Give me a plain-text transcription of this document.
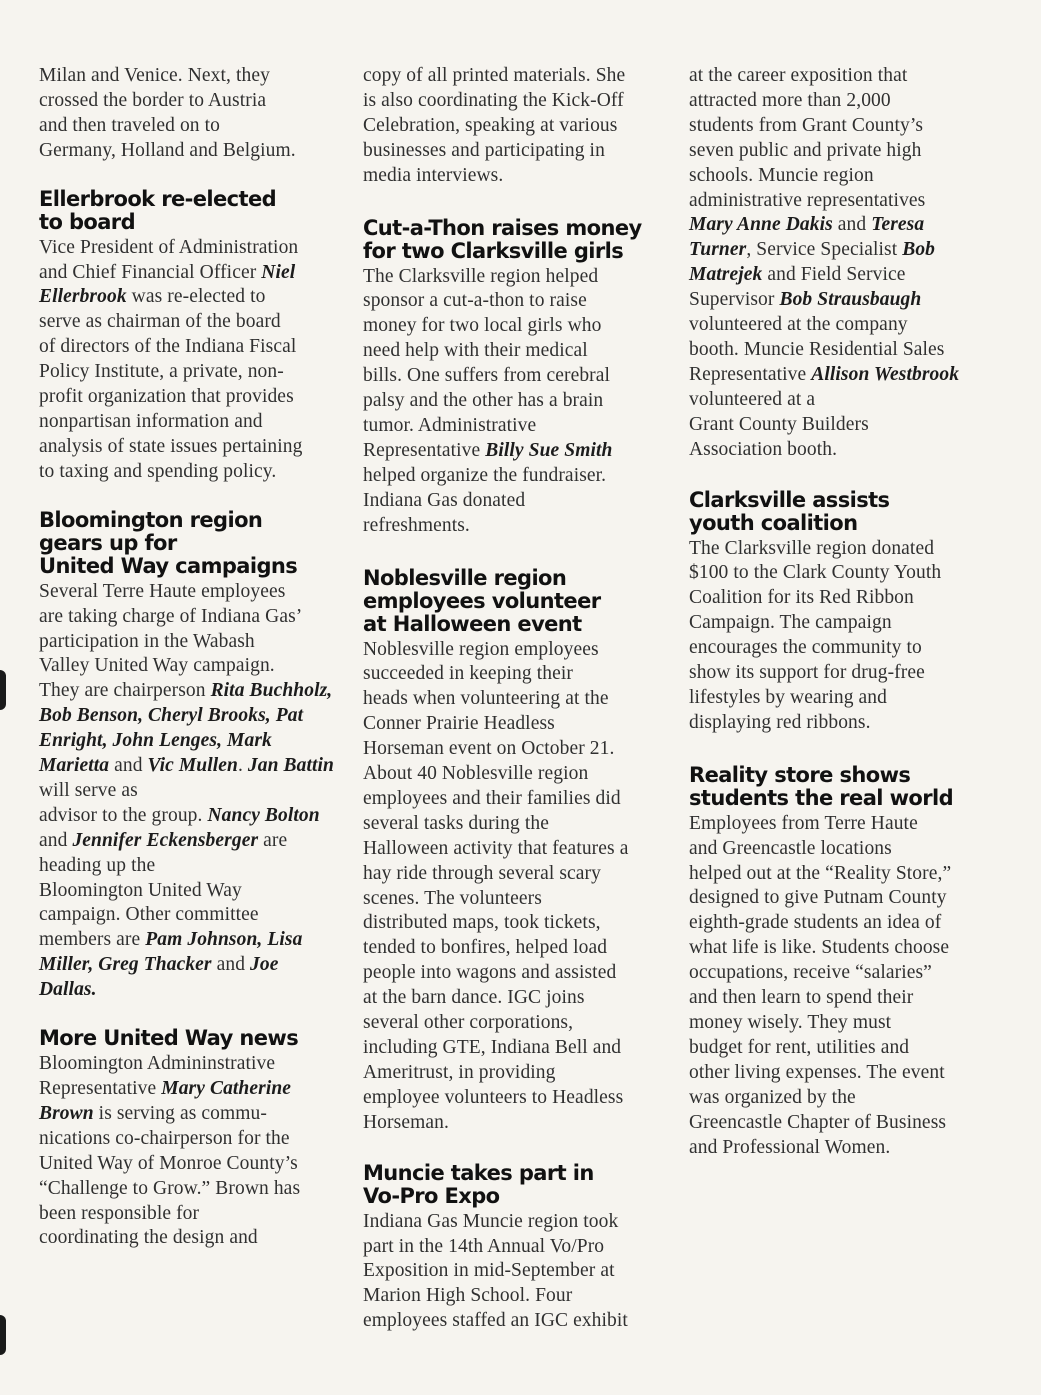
Milan and Venice. Next, they
crossed the border to Austria
and then traveled on to
Germany, Holland and Belgium.

Ellerbrook re-elected
to board

Vice President of Administration
and Chief Financial Officer Niel Ellerbrook was re-elected to
serve as chairman of the board
of directors of the Indiana Fiscal
Policy Institute, a private, non-
profit organization that provides
nonpartisan information and
analysis of state issues pertaining
to taxing and spending policy.

Bloomington region
gears up for
United Way campaigns

Several Terre Haute employees
are taking charge of Indiana Gas’
participation in the Wabash
Valley United Way campaign.
They are chairperson Rita Buchholz, Bob Benson, Cheryl Brooks, Pat Enright, John Lenges, Mark Marietta and Vic Mullen. Jan Battin will serve as
advisor to the group. Nancy Bolton and Jennifer Eckensberger are heading up the
Bloomington United Way
campaign. Other committee
members are Pam Johnson, Lisa Miller, Greg Thacker and Joe Dallas.

More United Way news

Bloomington Admininstrative
Representative Mary Catherine Brown is serving as commu-
nications co-chairperson for the
United Way of Monroe County’s
“Challenge to Grow.” Brown has
been responsible for
coordinating the design and

copy of all printed materials. She
is also coordinating the Kick-Off
Celebration, speaking at various
businesses and participating in
media interviews.

Cut-a-Thon raises money
for two Clarksville girls

The Clarksville region helped
sponsor a cut-a-thon to raise
money for two local girls who
need help with their medical
bills. One suffers from cerebral
palsy and the other has a brain
tumor. Administrative
Representative Billy Sue Smith
helped organize the fundraiser.
Indiana Gas donated
refreshments.

Noblesville region
employees volunteer
at Halloween event

Noblesville region employees
succeeded in keeping their
heads when volunteering at the
Conner Prairie Headless
Horseman event on October 21.
About 40 Noblesville region
employees and their families did
several tasks during the
Halloween activity that features a
hay ride through several scary
scenes. The volunteers
distributed maps, took tickets,
tended to bonfires, helped load
people into wagons and assisted
at the barn dance. IGC joins
several other corporations,
including GTE, Indiana Bell and
Ameritrust, in providing
employee volunteers to Headless
Horseman.

Muncie takes part in
Vo-Pro Expo

Indiana Gas Muncie region took
part in the 14th Annual Vo/Pro
Exposition in mid-September at
Marion High School. Four
employees staffed an IGC exhibit

at the career exposition that
attracted more than 2,000
students from Grant County’s
seven public and private high
schools. Muncie region
administrative representatives
Mary Anne Dakis and Teresa Turner, Service Specialist Bob Matrejek and Field Service
Supervisor Bob Strausbaugh
volunteered at the company
booth. Muncie Residential Sales
Representative Allison Westbrook volunteered at a
Grant County Builders
Association booth.

Clarksville assists
youth coalition

The Clarksville region donated
$100 to the Clark County Youth
Coalition for its Red Ribbon
Campaign. The campaign
encourages the community to
show its support for drug-free
lifestyles by wearing and
displaying red ribbons.

Reality store shows
students the real world

Employees from Terre Haute
and Greencastle locations
helped out at the “Reality Store,”
designed to give Putnam County
eighth-grade students an idea of
what life is like. Students choose
occupations, receive “salaries”
and then learn to spend their
money wisely. They must
budget for rent, utilities and
other living expenses. The event
was organized by the
Greencastle Chapter of Business
and Professional Women.
